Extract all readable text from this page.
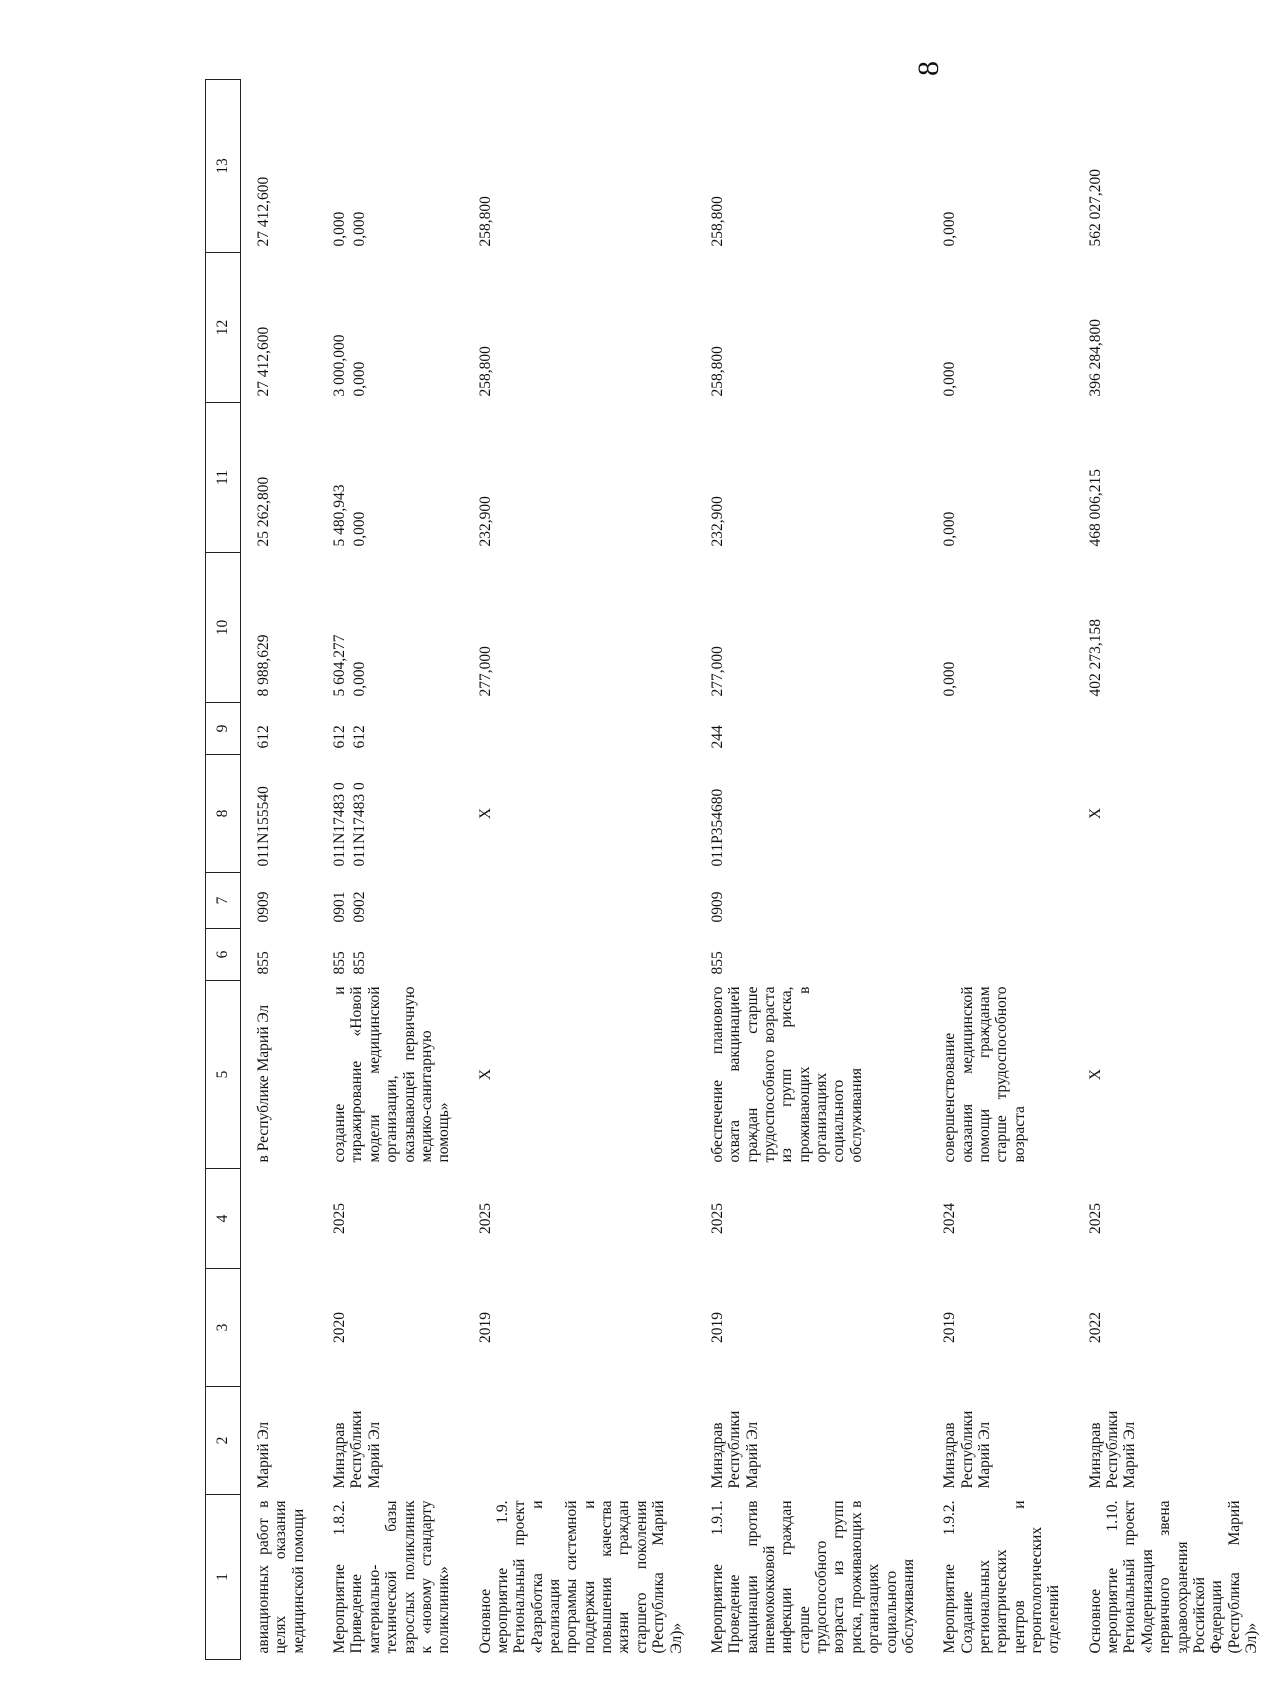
8
1	2	3	4	5	6	7	8	9	10	11	12	13
авиационных работ в целях оказания медицинской помощи	Марий Эл			в Республике Марий Эл	855	0909	011N155540	612	8 988,629	25 262,800	27 412,600	27 412,600
Мероприятие 1.8.2. Приведение материально-технической базы взрослых поликлиник к «новому стандарту поликлиник»	Минздрав Республики Марий Эл	2020	2025	создание и тиражирование «Новой модели медицинской организации, оказывающей первичную медико-санитарную помощь»	855 855	0901 0902	011N17483 0 011N17483 0	612 612	5 604,277 0,000	5 480,943 0,000	3 000,000 0,000	0,000 0,000

Основное мероприятие 1.9. Региональный проект «Разработка и реализация программы системной поддержки и повышения качества жизни граждан старшего поколения (Республика Марий Эл)»		2019	2025	Х			Х		277,000	232,900	258,800	258,800
Мероприятие 1.9.1. Проведение вакцинации против пневмококковой инфекции граждан старше трудоспособного возраста из групп риска, проживающих в организациях социального обслуживания	Минздрав Республики Марий Эл	2019	2025	обеспечение планового охвата вакцинацией граждан старше трудоспособного возраста из групп риска, проживающих в организациях социального обслуживания	855	0909	011P354680	244	277,000	232,900	258,800	258,800
Мероприятие 1.9.2. Создание региональных гериатрических центров и геронтологических отделений	Минздрав Республики Марий Эл	2019	2024	совершенствование оказания медицинской помощи гражданам старше трудоспособного возраста					0,000	0,000	0,000	0,000
Основное мероприятие 1.10. Региональный проект «Модернизация первичного звена здравоохранения Российской Федерации (Республика Марий Эл)»	Минздрав Республики Марий Эл	2022	2025	Х			Х		402 273,158	468 006,215	396 284,800	562 027,200
